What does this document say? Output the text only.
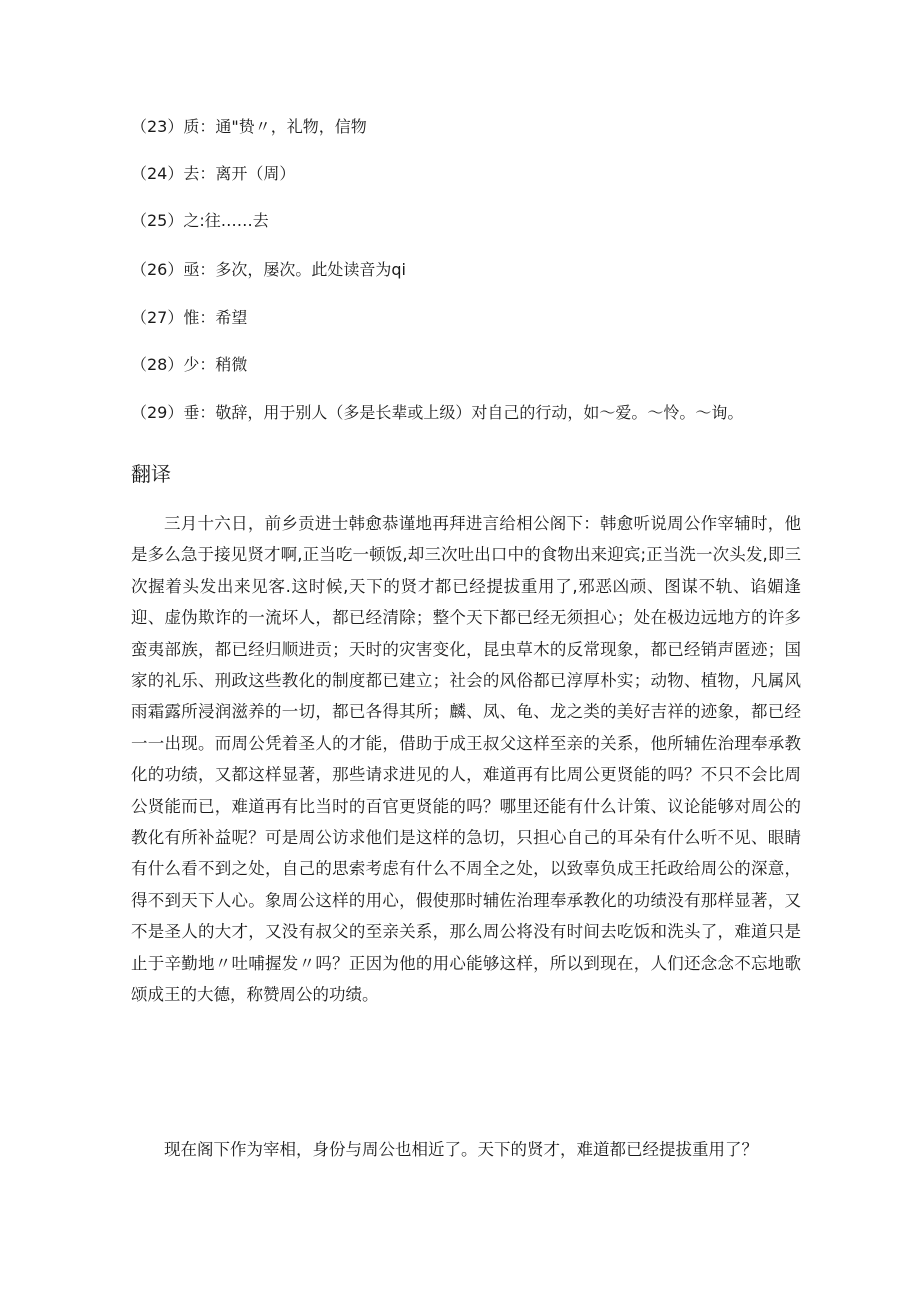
（23）质：通"贽〃，礼物，信物
（24）去：离开（周）
（25）之:往……去
（26）亟：多次，屡次。此处读音为qi
（27）惟：希望
（28）少：稍微
（29）垂：敬辞，用于别人（多是长辈或上级）对自己的行动，如～爱。～怜。～询。
翻译

三月十六日，前乡贡进士韩愈恭谨地再拜进言给相公阁下：韩愈听说周公作宰辅时，他是多么急于接见贤才啊,正当吃一顿饭,却三次吐出口中的食物出来迎宾;正当洗一次头发,即三次握着头发出来见客.这时候,天下的贤才都已经提拔重用了,邪恶凶顽、图谋不轨、谄媚逢迎、虚伪欺诈的一流坏人，都已经清除；整个天下都已经无须担心；处在极边远地方的许多蛮夷部族，都已经归顺进贡；天时的灾害变化，昆虫草木的反常现象，都已经销声匿迹；国家的礼乐、刑政这些教化的制度都已建立；社会的风俗都已淳厚朴实；动物、植物，凡属风雨霜露所浸润滋养的一切，都已各得其所；麟、凤、龟、龙之类的美好吉祥的迹象，都已经一一出现。而周公凭着圣人的才能，借助于成王叔父这样至亲的关系，他所辅佐治理奉承教化的功绩，又都这样显著，那些请求进见的人，难道再有比周公更贤能的吗？不只不会比周公贤能而已，难道再有比当时的百官更贤能的吗？哪里还能有什么计策、议论能够对周公的教化有所补益呢？可是周公访求他们是这样的急切，只担心自己的耳朵有什么听不见、眼睛有什么看不到之处，自己的思索考虑有什么不周全之处，以致辜负成王托政给周公的深意，得不到天下人心。象周公这样的用心，假使那时辅佐治理奉承教化的功绩没有那样显著，又不是圣人的大才，又没有叔父的至亲关系，那么周公将没有时间去吃饭和洗头了，难道只是止于辛勤地〃吐哺握发〃吗？正因为他的用心能够这样，所以到现在，人们还念念不忘地歌颂成王的大德，称赞周公的功绩。

现在阁下作为宰相，身份与周公也相近了。天下的贤才，难道都已经提拔重用了？
